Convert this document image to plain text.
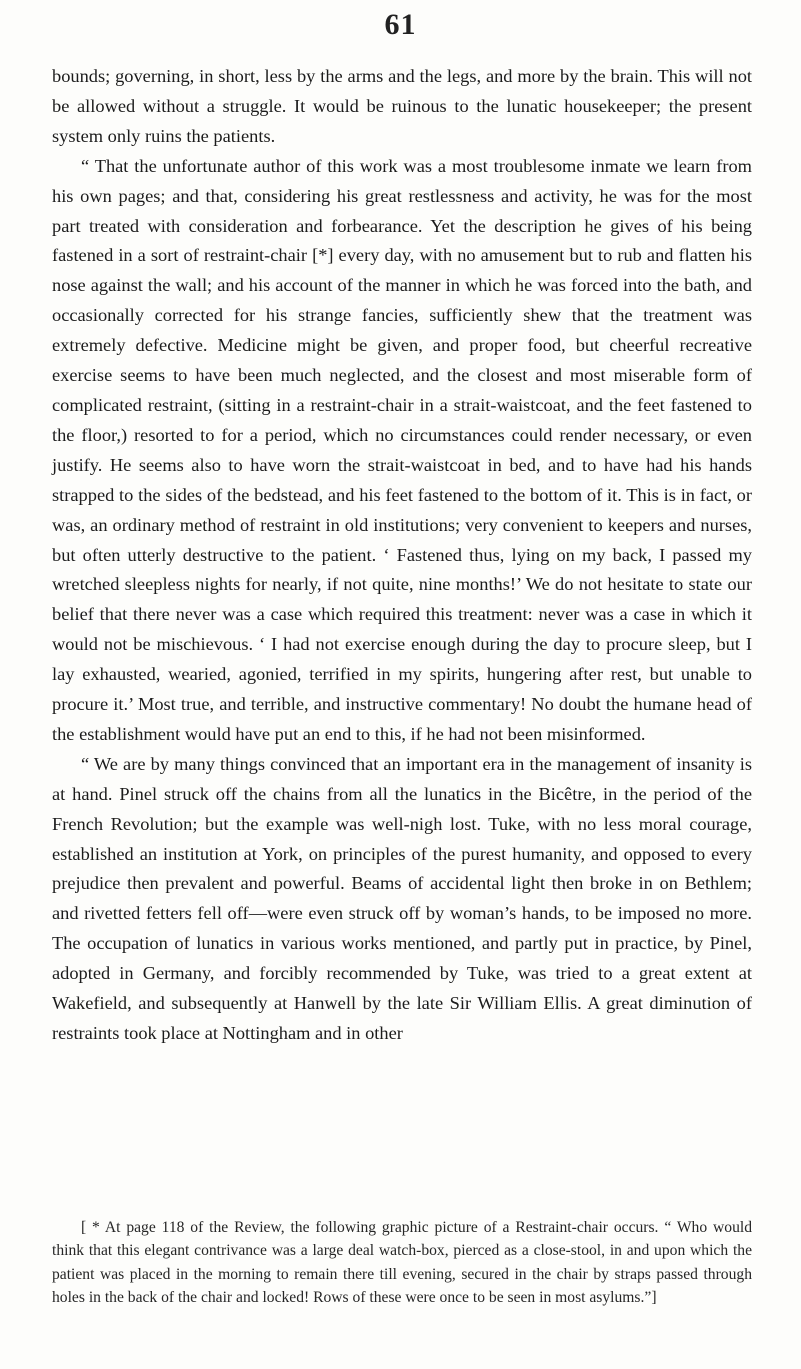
61

bounds; governing, in short, less by the arms and the legs, and more by the brain. This will not be allowed without a struggle. It would be ruinous to the lunatic housekeeper; the present system only ruins the patients.

“ That the unfortunate author of this work was a most troublesome inmate we learn from his own pages; and that, considering his great restlessness and activity, he was for the most part treated with consideration and forbearance. Yet the description he gives of his being fastened in a sort of restraint-chair [*] every day, with no amusement but to rub and flatten his nose against the wall; and his account of the manner in which he was forced into the bath, and occasionally corrected for his strange fancies, sufficiently shew that the treatment was extremely defective. Medicine might be given, and proper food, but cheerful recreative exercise seems to have been much neglected, and the closest and most miserable form of complicated restraint, (sitting in a restraint-chair in a strait-waistcoat, and the feet fastened to the floor,) resorted to for a period, which no circumstances could render necessary, or even justify. He seems also to have worn the strait-waistcoat in bed, and to have had his hands strapped to the sides of the bedstead, and his feet fastened to the bottom of it. This is in fact, or was, an ordinary method of restraint in old institutions; very convenient to keepers and nurses, but often utterly destructive to the patient. ‘ Fastened thus, lying on my back, I passed my wretched sleepless nights for nearly, if not quite, nine months!’ We do not hesitate to state our belief that there never was a case which required this treatment: never was a case in which it would not be mischievous. ‘ I had not exercise enough during the day to procure sleep, but I lay exhausted, wearied, agonied, terrified in my spirits, hungering after rest, but unable to procure it.’ Most true, and terrible, and instructive commentary! No doubt the humane head of the establishment would have put an end to this, if he had not been misinformed.

“ We are by many things convinced that an important era in the management of insanity is at hand. Pinel struck off the chains from all the lunatics in the Bicêtre, in the period of the French Revolution; but the example was well-nigh lost. Tuke, with no less moral courage, established an institution at York, on principles of the purest humanity, and opposed to every prejudice then prevalent and powerful. Beams of accidental light then broke in on Bethlem; and rivetted fetters fell off—were even struck off by woman’s hands, to be imposed no more. The occupation of lunatics in various works mentioned, and partly put in practice, by Pinel, adopted in Germany, and forcibly recommended by Tuke, was tried to a great extent at Wakefield, and subsequently at Hanwell by the late Sir William Ellis. A great diminution of restraints took place at Nottingham and in other

[ * At page 118 of the Review, the following graphic picture of a Restraint-chair occurs. “ Who would think that this elegant contrivance was a large deal watch-box, pierced as a close-stool, in and upon which the patient was placed in the morning to remain there till evening, secured in the chair by straps passed through holes in the back of the chair and locked! Rows of these were once to be seen in most asylums.”]
